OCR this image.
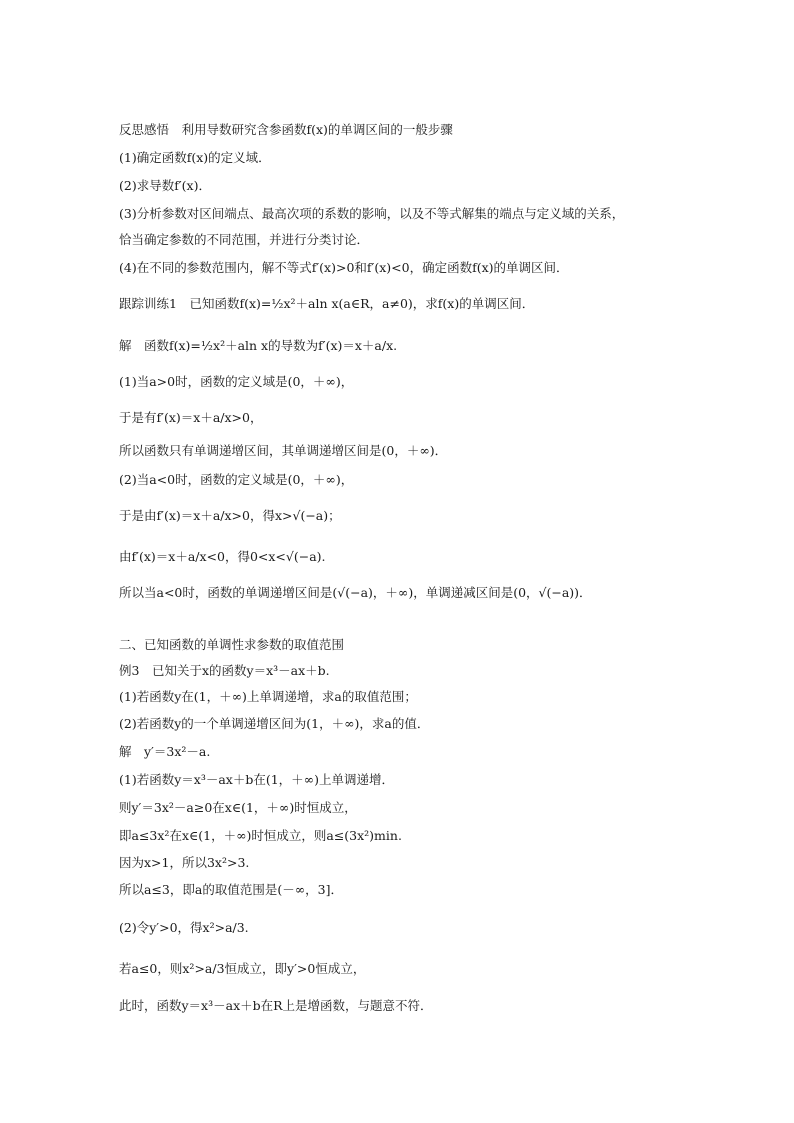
反思感悟　利用导数研究含参函数f(x)的单调区间的一般步骤
(1)确定函数f(x)的定义域．
(2)求导数f′(x)．
(3)分析参数对区间端点、最高次项的系数的影响，以及不等式解集的端点与定义域的关系，
恰当确定参数的不同范围，并进行分类讨论．
(4)在不同的参数范围内，解不等式f′(x)>0和f′(x)<0，确定函数f(x)的单调区间．
跟踪训练1　已知函数f(x)=½x²＋aln x(a∈R，a≠0)，求f(x)的单调区间．
解　函数f(x)=½x²＋aln x的导数为f′(x)＝x＋a/x.
(1)当a>0时，函数的定义域是(0，＋∞)，
于是有f′(x)＝x＋a/x>0，
所以函数只有单调递增区间，其单调递增区间是(0，＋∞)．
(2)当a<0时，函数的定义域是(0，＋∞)，
于是由f′(x)＝x＋a/x>0，得x>√(−a)；
由f′(x)＝x＋a/x<0，得0<x<√(−a).
所以当a<0时，函数的单调递增区间是(√(−a)，＋∞)，单调递减区间是(0，√(−a))．
二、已知函数的单调性求参数的取值范围
例3　已知关于x的函数y＝x³－ax＋b.
(1)若函数y在(1，＋∞)上单调递增，求a的取值范围；
(2)若函数y的一个单调递增区间为(1，＋∞)，求a的值．
解　y′＝3x²－a.
(1)若函数y＝x³－ax＋b在(1，＋∞)上单调递增．
则y′＝3x²－a≥0在x∈(1，＋∞)时恒成立，
即a≤3x²在x∈(1，＋∞)时恒成立，则a≤(3x²)min.
因为x>1，所以3x²>3.
所以a≤3，即a的取值范围是(－∞，3]．
(2)令y′>0，得x²>a/3.
若a≤0，则x²>a/3恒成立，即y′>0恒成立，
此时，函数y＝x³－ax＋b在R上是增函数，与题意不符．
